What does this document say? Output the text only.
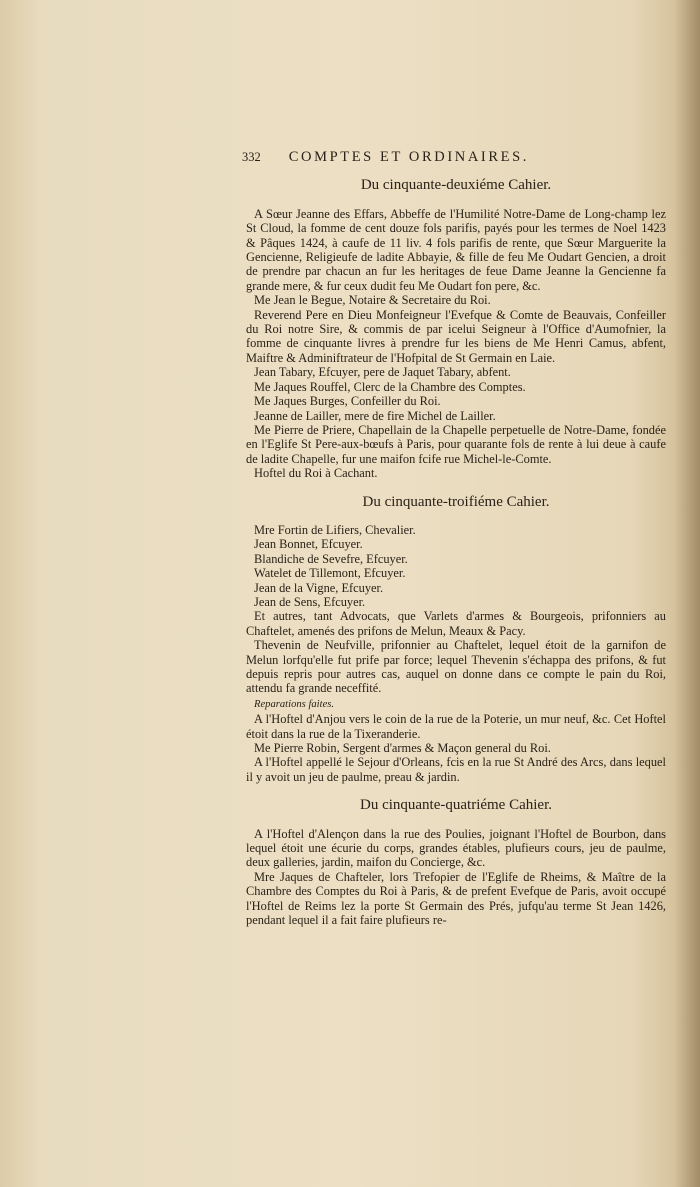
332 COMPTES ET ORDINAIRES.
Du cinquante-deuxiéme Cahier.

A Sœur Jeanne des Effars, Abbeffe de l'Humilité Notre-Dame de Long-champ lez St Cloud, la fomme de cent douze fols parifis, payés pour les termes de Noel 1423 & Pâques 1424, à caufe de 11 liv. 4 fols parifis de rente, que Sœur Marguerite la Gencienne, Religieufe de ladite Abbayie, & fille de feu Me Oudart Gencien, a droit de prendre par chacun an fur les heritages de feue Dame Jeanne la Gencienne fa grande mere, & fur ceux dudit feu Me Oudart fon pere, &c.

Me Jean le Begue, Notaire & Secretaire du Roi.

Reverend Pere en Dieu Monfeigneur l'Evefque & Comte de Beauvais, Confeiller du Roi notre Sire, & commis de par icelui Seigneur à l'Office d'Aumofnier, la fomme de cinquante livres à prendre fur les biens de Me Henri Camus, abfent, Maiftre & Adminiftrateur de l'Hofpital de St Germain en Laie.

Jean Tabary, Efcuyer, pere de Jaquet Tabary, abfent.

Me Jaques Rouffel, Clerc de la Chambre des Comptes.

Me Jaques Burges, Confeiller du Roi.

Jeanne de Lailler, mere de fire Michel de Lailler.

Me Pierre de Priere, Chapellain de la Chapelle perpetuelle de Notre-Dame, fondée en l'Eglife St Pere-aux-bœufs à Paris, pour quarante fols de rente à lui deue à caufe de ladite Chapelle, fur une maifon fcife rue Michel-le-Comte.

Hoftel du Roi à Cachant.

Du cinquante-troifiéme Cahier.

Mre Fortin de Lifiers, Chevalier.

Jean Bonnet, Efcuyer.

Blandiche de Sevefre, Efcuyer.

Watelet de Tillemont, Efcuyer.

Jean de la Vigne, Efcuyer.

Jean de Sens, Efcuyer.

Et autres, tant Advocats, que Varlets d'armes & Bourgeois, prifonniers au Chaftelet, amenés des prifons de Melun, Meaux & Pacy.

Thevenin de Neufville, prifonnier au Chaftelet, lequel étoit de la garnifon de Melun lorfqu'elle fut prife par force; lequel Thevenin s'échappa des prifons, & fut depuis repris pour autres cas, auquel on donne dans ce compte le pain du Roi, attendu fa grande neceffité.

Reparations faites.

A l'Hoftel d'Anjou vers le coin de la rue de la Poterie, un mur neuf, &c. Cet Hoftel étoit dans la rue de la Tixeranderie.

Me Pierre Robin, Sergent d'armes & Maçon general du Roi.

A l'Hoftel appellé le Sejour d'Orleans, fcis en la rue St André des Arcs, dans lequel il y avoit un jeu de paulme, preau & jardin.

Du cinquante-quatriéme Cahier.

A l'Hoftel d'Alençon dans la rue des Poulies, joignant l'Hoftel de Bourbon, dans lequel étoit une écurie du corps, grandes étables, plufieurs cours, jeu de paulme, deux galleries, jardin, maifon du Concierge, &c.

Mre Jaques de Chafteler, lors Trefορier de l'Eglife de Rheims, & Maître de la Chambre des Comptes du Roi à Paris, & de prefent Evefque de Paris, avoit occupé l'Hoftel de Reims lez la porte St Germain des Prés, jufqu'au terme St Jean 1426, pendant lequel il a fait faire plufieurs re-
